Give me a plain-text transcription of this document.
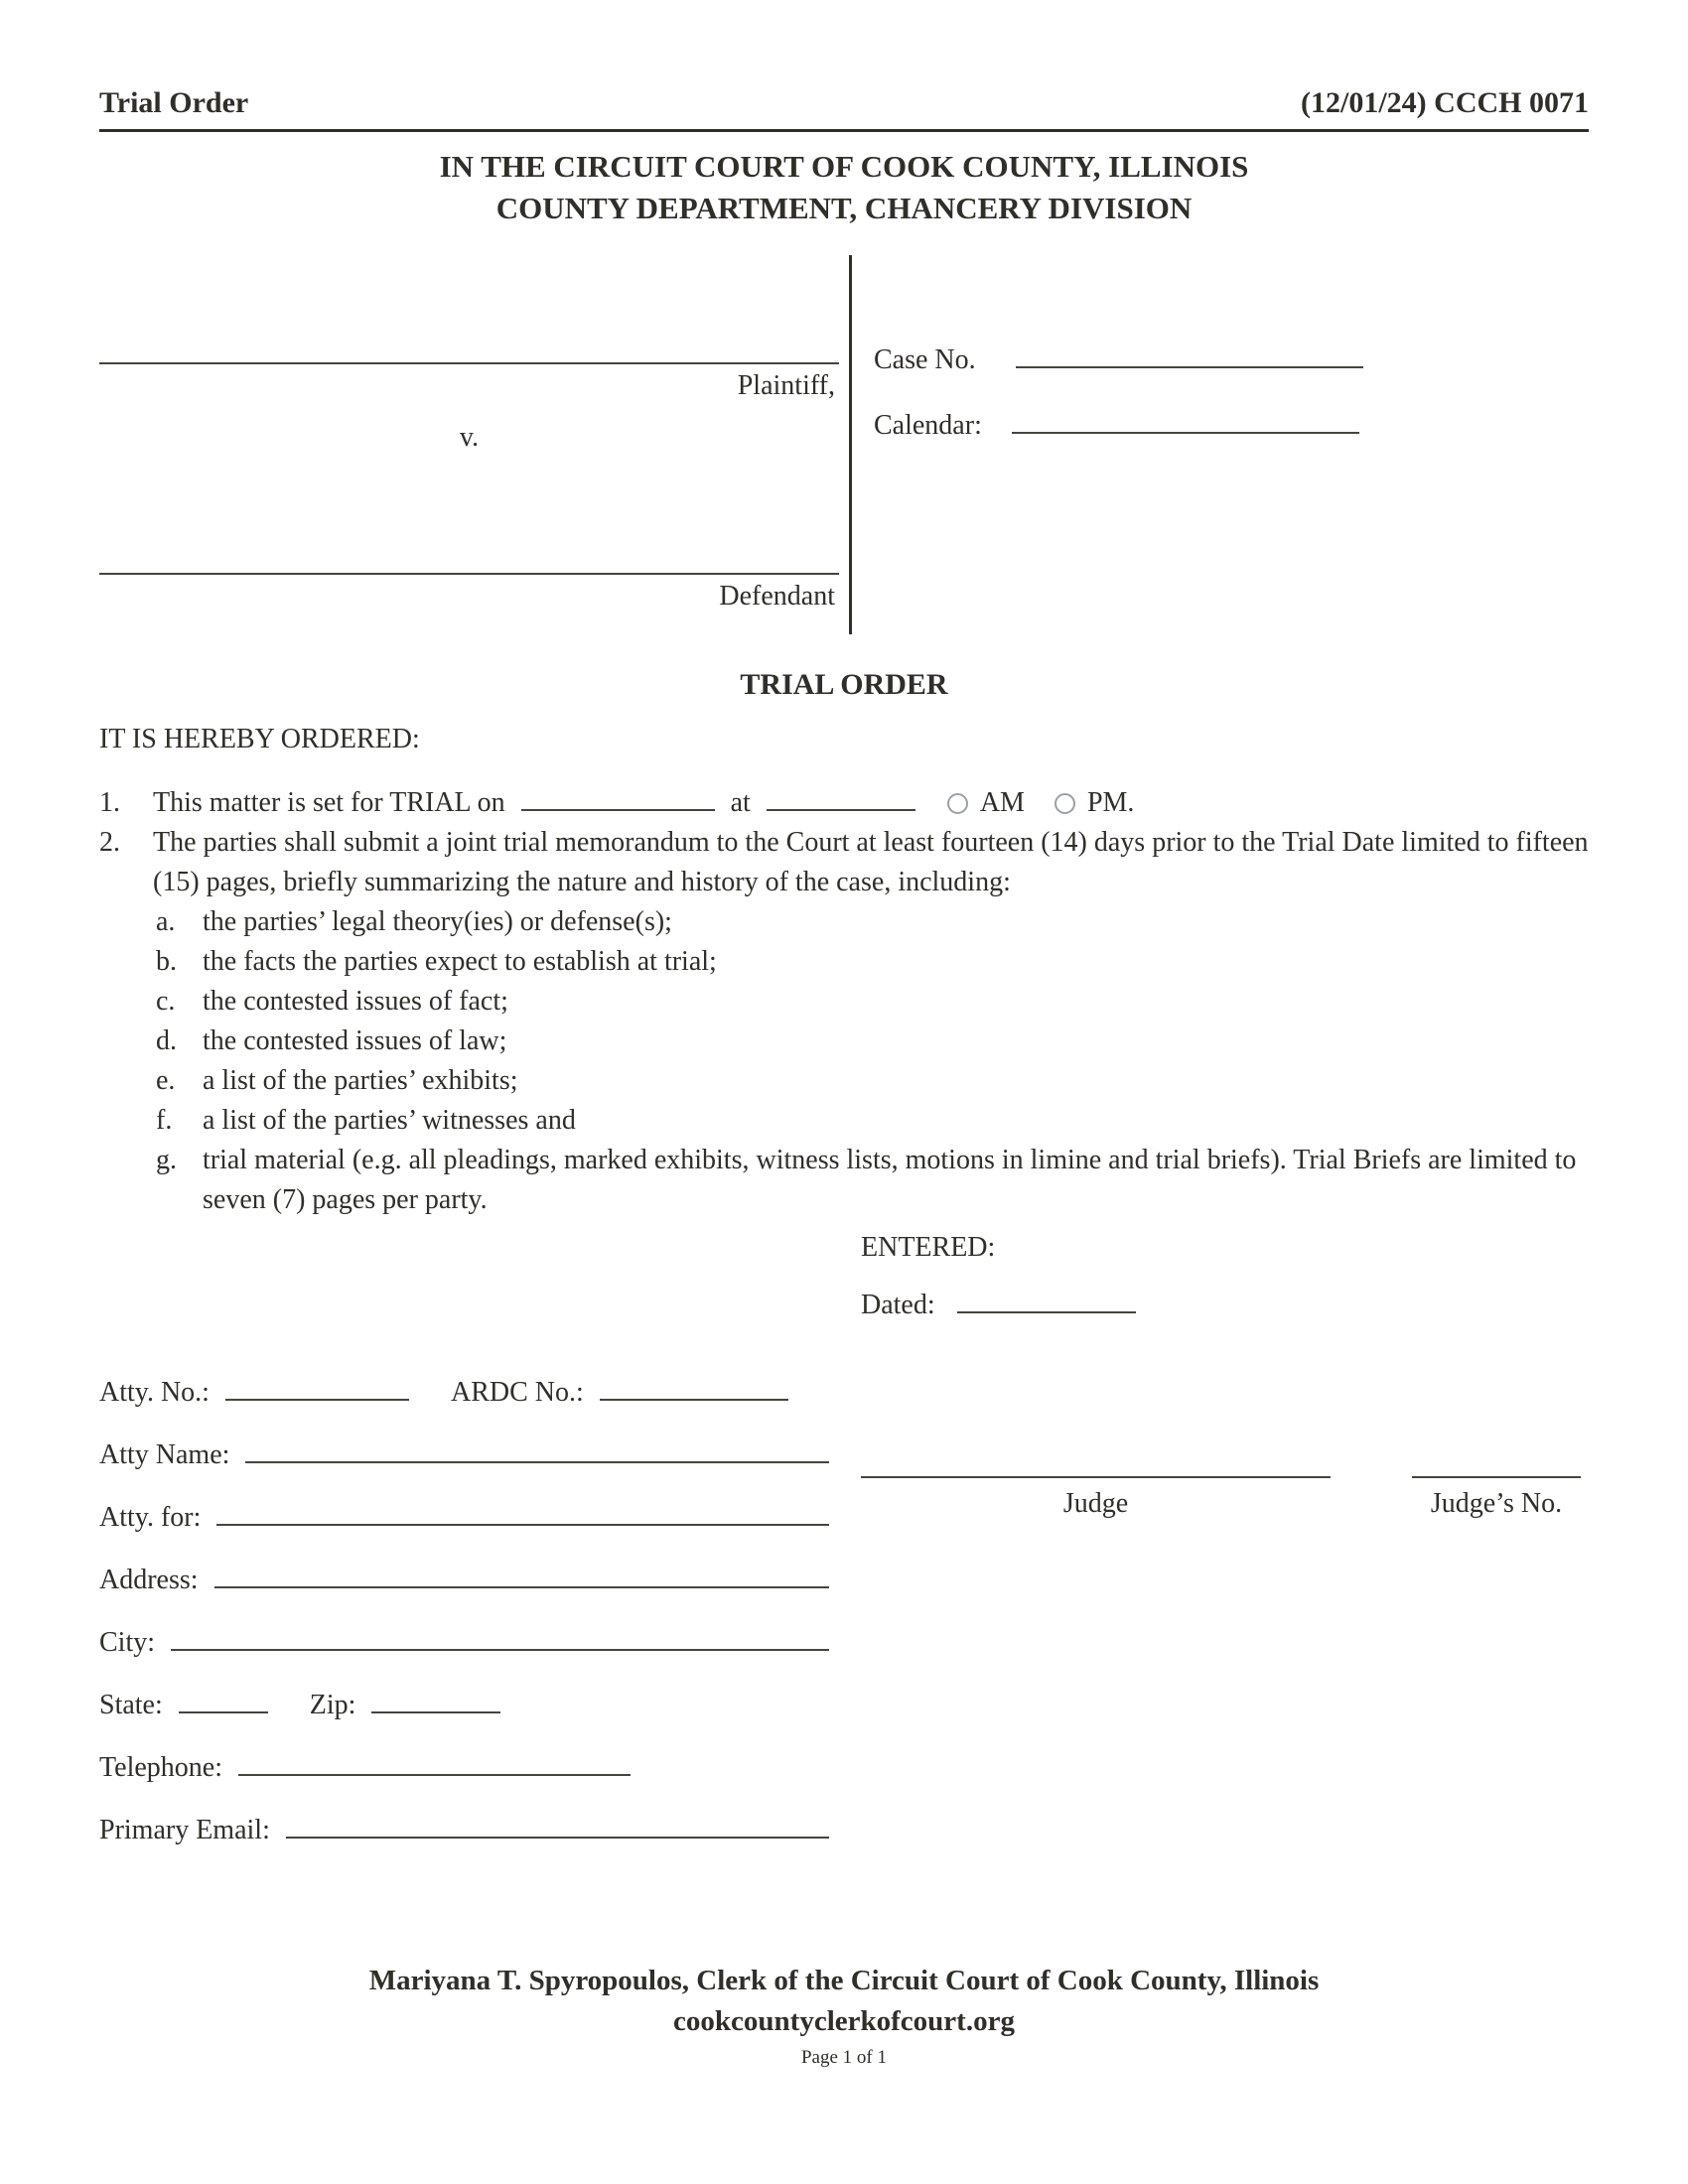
Trial Order	(12/01/24) CCCH 0071
IN THE CIRCUIT COURT OF COOK COUNTY, ILLINOIS
COUNTY DEPARTMENT, CHANCERY DIVISION
Plaintiff,
v.
Defendant
Case No.
Calendar:
TRIAL ORDER
IT IS HEREBY ORDERED:
1.	This matter is set for TRIAL on	at	AM PM.
2.	The parties shall submit a joint trial memorandum to the Court at least fourteen (14) days prior to the Trial Date limited to fifteen (15) pages, briefly summarizing the nature and history of the case, including:
a. the parties’ legal theory(ies) or defense(s);
b. the facts the parties expect to establish at trial;
c. the contested issues of fact;
d. the contested issues of law;
e. a list of the parties’ exhibits;
f.	a list of the parties’ witnesses and
g. trial material (e.g. all pleadings, marked exhibits, witness lists, motions in limine and trial briefs). Trial Briefs are limited to seven (7) pages per party.
ENTERED:
Dated:
Atty. No.:	ARDC No.:
Atty Name:
Atty. for:
Address:
City:
State:	Zip:
Telephone:
Primary Email:
Judge	Judge’s No.
Mariyana T. Spyropoulos, Clerk of the Circuit Court of Cook County, Illinois
cookcountyclerkofcourt.org
Page 1 of 1
